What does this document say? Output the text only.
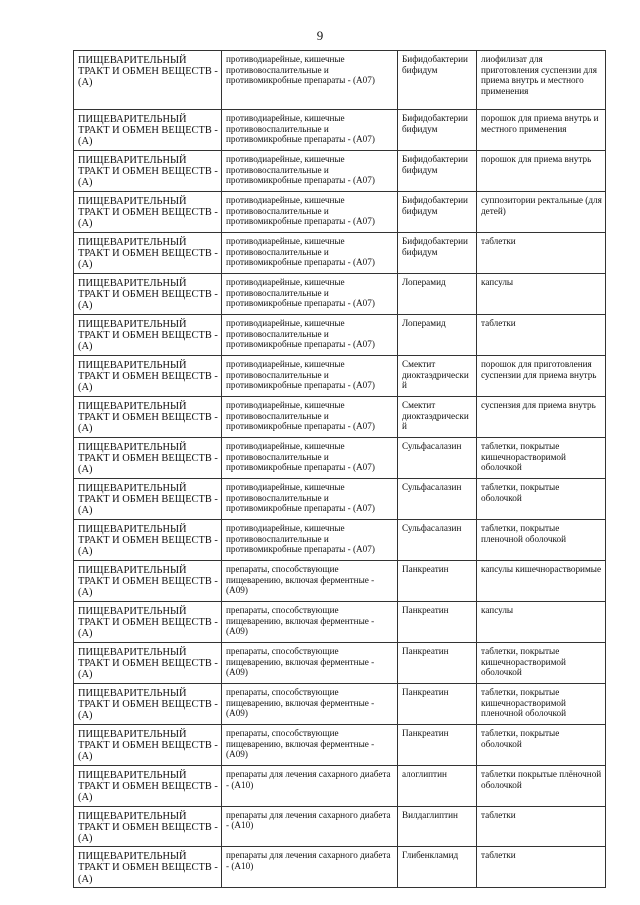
9
ПИЩЕВАРИТЕЛЬНЫЙ ТРАКТ И ОБМЕН ВЕЩЕСТВ - (А)	противодиарейные, кишечные противовоспалительные и противомикробные препараты - (А07)	Бифидобактерии бифидум	лиофилизат для приготовления суспензии для приема внутрь и местного применения
ПИЩЕВАРИТЕЛЬНЫЙ ТРАКТ И ОБМЕН ВЕЩЕСТВ - (А)	противодиарейные, кишечные противовоспалительные и противомикробные препараты - (А07)	Бифидобактерии бифидум	порошок для приема внутрь и местного применения
ПИЩЕВАРИТЕЛЬНЫЙ ТРАКТ И ОБМЕН ВЕЩЕСТВ - (А)	противодиарейные, кишечные противовоспалительные и противомикробные препараты - (А07)	Бифидобактерии бифидум	порошок для приема внутрь
ПИЩЕВАРИТЕЛЬНЫЙ ТРАКТ И ОБМЕН ВЕЩЕСТВ - (А)	противодиарейные, кишечные противовоспалительные и противомикробные препараты - (А07)	Бифидобактерии бифидум	суппозитории ректальные (для детей)
ПИЩЕВАРИТЕЛЬНЫЙ ТРАКТ И ОБМЕН ВЕЩЕСТВ - (А)	противодиарейные, кишечные противовоспалительные и противомикробные препараты - (А07)	Бифидобактерии бифидум	таблетки
ПИЩЕВАРИТЕЛЬНЫЙ ТРАКТ И ОБМЕН ВЕЩЕСТВ - (А)	противодиарейные, кишечные противовоспалительные и противомикробные препараты - (А07)	Лоперамид	капсулы
ПИЩЕВАРИТЕЛЬНЫЙ ТРАКТ И ОБМЕН ВЕЩЕСТВ - (А)	противодиарейные, кишечные противовоспалительные и противомикробные препараты - (А07)	Лоперамид	таблетки
ПИЩЕВАРИТЕЛЬНЫЙ ТРАКТ И ОБМЕН ВЕЩЕСТВ - (А)	противодиарейные, кишечные противовоспалительные и противомикробные препараты - (А07)	Смектит диоктаэдрический	порошок для приготовления суспензии для приема внутрь
ПИЩЕВАРИТЕЛЬНЫЙ ТРАКТ И ОБМЕН ВЕЩЕСТВ - (А)	противодиарейные, кишечные противовоспалительные и противомикробные препараты - (А07)	Смектит диоктаэдрический	суспензия для приема внутрь
ПИЩЕВАРИТЕЛЬНЫЙ ТРАКТ И ОБМЕН ВЕЩЕСТВ - (А)	противодиарейные, кишечные противовоспалительные и противомикробные препараты - (А07)	Сульфасалазин	таблетки, покрытые кишечнорастворимой оболочкой
ПИЩЕВАРИТЕЛЬНЫЙ ТРАКТ И ОБМЕН ВЕЩЕСТВ - (А)	противодиарейные, кишечные противовоспалительные и противомикробные препараты - (А07)	Сульфасалазин	таблетки, покрытые оболочкой
ПИЩЕВАРИТЕЛЬНЫЙ ТРАКТ И ОБМЕН ВЕЩЕСТВ - (А)	противодиарейные, кишечные противовоспалительные и противомикробные препараты - (А07)	Сульфасалазин	таблетки, покрытые пленочной оболочкой
ПИЩЕВАРИТЕЛЬНЫЙ ТРАКТ И ОБМЕН ВЕЩЕСТВ - (А)	препараты, способствующие пищеварению, включая ферментные - (А09)	Панкреатин	капсулы кишечнорастворимые
ПИЩЕВАРИТЕЛЬНЫЙ ТРАКТ И ОБМЕН ВЕЩЕСТВ - (А)	препараты, способствующие пищеварению, включая ферментные - (А09)	Панкреатин	капсулы
ПИЩЕВАРИТЕЛЬНЫЙ ТРАКТ И ОБМЕН ВЕЩЕСТВ - (А)	препараты, способствующие пищеварению, включая ферментные - (А09)	Панкреатин	таблетки, покрытые кишечнорастворимой оболочкой
ПИЩЕВАРИТЕЛЬНЫЙ ТРАКТ И ОБМЕН ВЕЩЕСТВ - (А)	препараты, способствующие пищеварению, включая ферментные - (А09)	Панкреатин	таблетки, покрытые кишечнорастворимой пленочной оболочкой
ПИЩЕВАРИТЕЛЬНЫЙ ТРАКТ И ОБМЕН ВЕЩЕСТВ - (А)	препараты, способствующие пищеварению, включая ферментные - (А09)	Панкреатин	таблетки, покрытые оболочкой
ПИЩЕВАРИТЕЛЬНЫЙ ТРАКТ И ОБМЕН ВЕЩЕСТВ - (А)	препараты для лечения сахарного диабета - (А10)	алоглиптин	таблетки покрытые плёночной оболочкой
ПИЩЕВАРИТЕЛЬНЫЙ ТРАКТ И ОБМЕН ВЕЩЕСТВ - (А)	препараты для лечения сахарного диабета - (А10)	Вилдаглиптин	таблетки
ПИЩЕВАРИТЕЛЬНЫЙ ТРАКТ И ОБМЕН ВЕЩЕСТВ - (А)	препараты для лечения сахарного диабета - (А10)	Глибенкламид	таблетки
